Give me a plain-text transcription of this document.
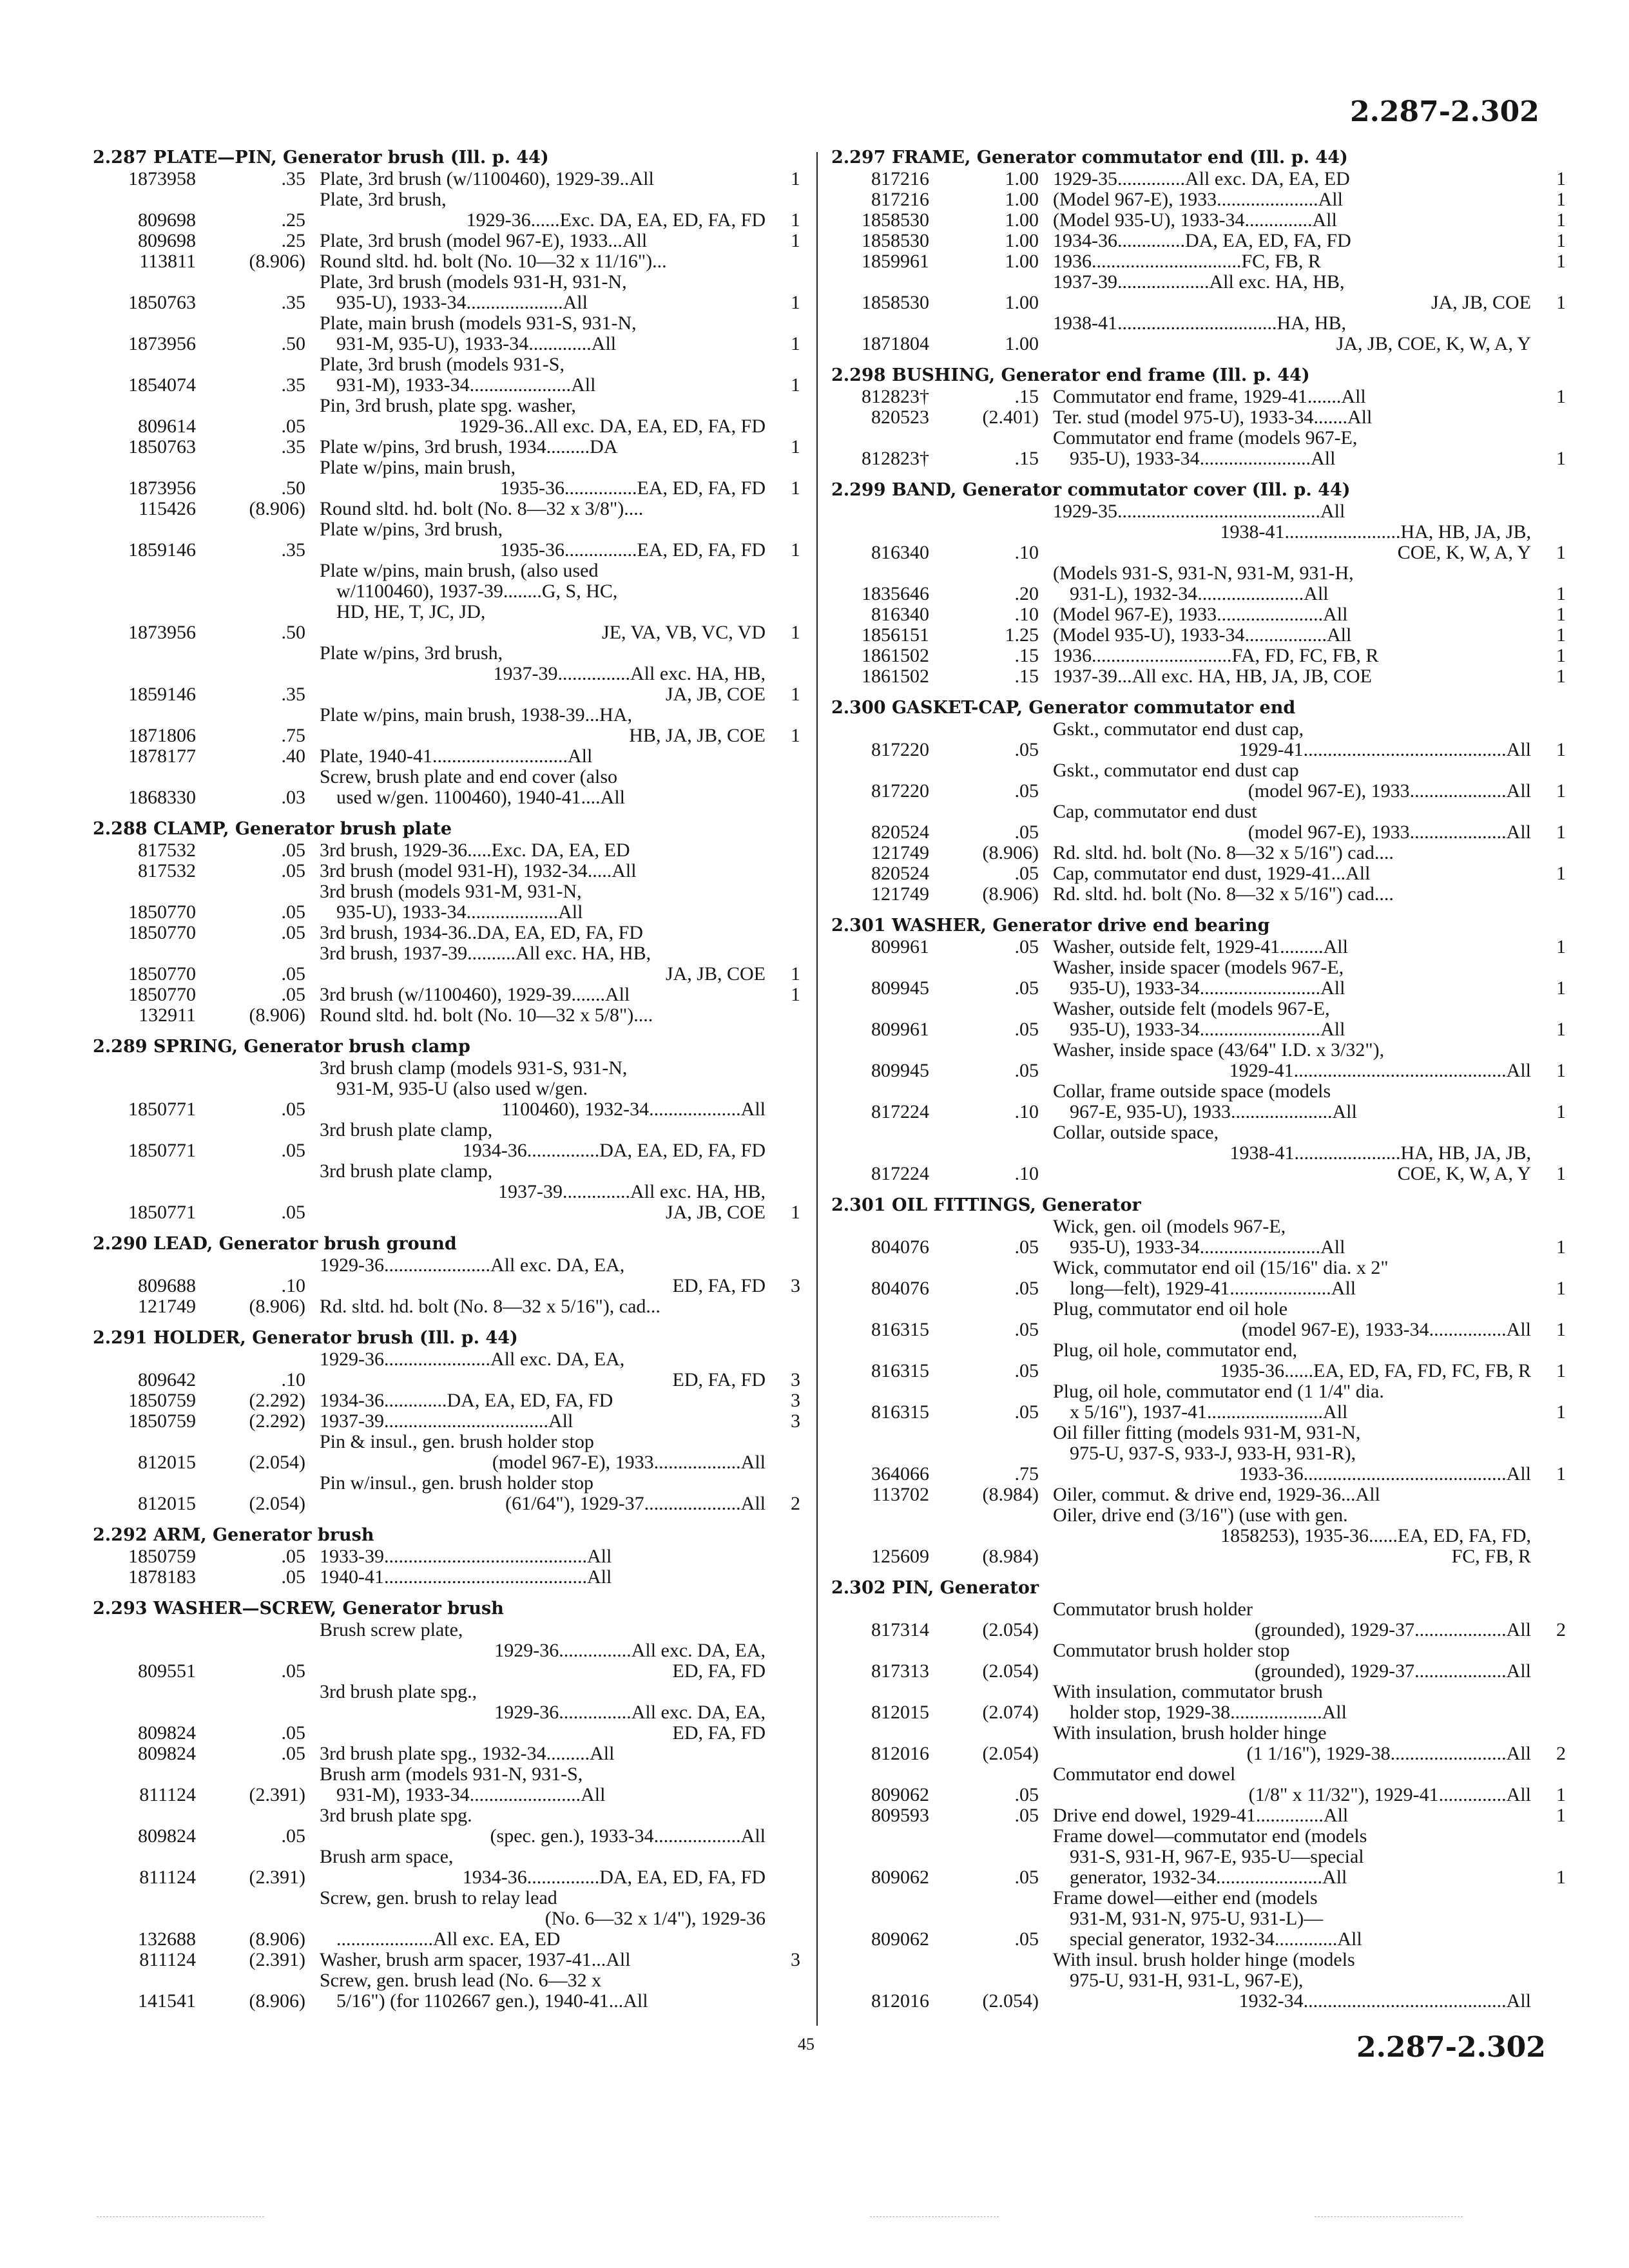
2.287-2.302
2.287 PLATE—PIN, Generator brush (Ill. p. 44)
1873958	.35 Plate, 3rd brush (w/1100460), 1929-39..All	1
809698	.25
Plate, 3rd brush,
1929-36......Exc. DA, EA, ED, FA, FD	1
809698	.25 Plate, 3rd brush (model 967-E), 1933...All	1
113811	(8.906) Round sltd. hd. bolt (No. 10—32 x 11/16")...
1850763	.35
Plate, 3rd brush (models 931-H, 931-N,
935-U), 1933-34....................All	1
1873956	.50
Plate, main brush (models 931-S, 931-N,
931-M, 935-U), 1933-34.............All	1
1854074	.35
Plate, 3rd brush (models 931-S,
931-M), 1933-34.....................All	1
809614	.05
Pin, 3rd brush, plate spg. washer,
1929-36..All exc. DA, EA, ED, FA, FD
1850763	.35 Plate w/pins, 3rd brush, 1934.........DA	1
1873956	.50
Plate w/pins, main brush,
1935-36...............EA, ED, FA, FD	1
115426	(8.906) Round sltd. hd. bolt (No. 8—32 x 3/8")....
1859146	.35
Plate w/pins, 3rd brush,
1935-36...............EA, ED, FA, FD	1
1873956	.50
Plate w/pins, main brush, (also used
w/1100460), 1937-39........G, S, HC,
HD, HE, T, JC, JD,
JE, VA, VB, VC, VD	1
1859146	.35
Plate w/pins, 3rd brush,
1937-39...............All exc. HA, HB,
JA, JB, COE	1
1871806	.75
Plate w/pins, main brush, 1938-39...HA,
HB, JA, JB, COE	1
1878177	.40 Plate, 1940-41............................All
1868330	.03
Screw, brush plate and end cover (also
used w/gen. 1100460), 1940-41....All
2.288 CLAMP, Generator brush plate
817532	.05 3rd brush, 1929-36.....Exc. DA, EA, ED
817532	.05 3rd brush (model 931-H), 1932-34.....All
1850770	.05
3rd brush (models 931-M, 931-N,
935-U), 1933-34...................All
1850770	.05 3rd brush, 1934-36..DA, EA, ED, FA, FD
1850770	.05
3rd brush, 1937-39..........All exc. HA, HB,
JA, JB, COE	1
1850770	.05 3rd brush (w/1100460), 1929-39.......All	1
132911	(8.906) Round sltd. hd. bolt (No. 10—32 x 5/8")....
2.289 SPRING, Generator brush clamp
1850771	.05
3rd brush clamp (models 931-S, 931-N,
931-M, 935-U (also used w/gen.
1100460), 1932-34...................All
1850771	.05
3rd brush plate clamp,
1934-36...............DA, EA, ED, FA, FD
1850771	.05
3rd brush plate clamp,
1937-39..............All exc. HA, HB,
JA, JB, COE	1
2.290 LEAD, Generator brush ground
809688	.10
1929-36......................All exc. DA, EA,
ED, FA, FD	3
121749	(8.906) Rd. sltd. hd. bolt (No. 8—32 x 5/16"), cad...
2.291 HOLDER, Generator brush (Ill. p. 44)
809642	.10
1929-36......................All exc. DA, EA,
ED, FA, FD	3
1850759	(2.292) 1934-36.............DA, EA, ED, FA, FD	3
1850759	(2.292) 1937-39..................................All	3
812015	(2.054)
Pin & insul., gen. brush holder stop
(model 967-E), 1933..................All
812015	(2.054)
Pin w/insul., gen. brush holder stop
(61/64"), 1929-37....................All	2
2.292 ARM, Generator brush
1850759	.05 1933-39..........................................All
1878183	.05 1940-41..........................................All
2.293 WASHER—SCREW, Generator brush
809551	.05
Brush screw plate,
1929-36...............All exc. DA, EA,
ED, FA, FD
809824	.05
3rd brush plate spg.,
1929-36...............All exc. DA, EA,
ED, FA, FD
809824	.05 3rd brush plate spg., 1932-34.........All
811124	(2.391)
Brush arm (models 931-N, 931-S,
931-M), 1933-34.......................All
809824	.05
3rd brush plate spg.
(spec. gen.), 1933-34..................All
811124	(2.391)
Brush arm space,
1934-36...............DA, EA, ED, FA, FD
132688	(8.906)
Screw, gen. brush to relay lead
(No. 6—32 x 1/4"), 1929-36
....................All exc. EA, ED
811124	(2.391) Washer, brush arm spacer, 1937-41...All	3
141541	(8.906)
Screw, gen. brush lead (No. 6—32 x
5/16") (for 1102667 gen.), 1940-41...All
2.297 FRAME, Generator commutator end (Ill. p. 44)
817216	1.00 1929-35..............All exc. DA, EA, ED	1
817216	1.00 (Model 967-E), 1933.....................All	1
1858530	1.00 (Model 935-U), 1933-34..............All	1
1858530	1.00 1934-36..............DA, EA, ED, FA, FD	1
1859961	1.00 1936...............................FC, FB, R	1
1858530	1.00
1937-39...................All exc. HA, HB,
JA, JB, COE	1
1871804	1.00
1938-41.................................HA, HB,
JA, JB, COE, K, W, A, Y
2.298 BUSHING, Generator end frame (Ill. p. 44)
812823†	.15 Commutator end frame, 1929-41.......All	1
820523	(2.401) Ter. stud (model 975-U), 1933-34.......All
812823†	.15
Commutator end frame (models 967-E,
935-U), 1933-34.......................All	1
2.299 BAND, Generator commutator cover (Ill. p. 44)
816340	.10
1929-35..........................................All
1938-41........................HA, HB, JA, JB,
COE, K, W, A, Y	1
1835646	.20
(Models 931-S, 931-N, 931-M, 931-H,
931-L), 1932-34......................All	1
816340	.10 (Model 967-E), 1933......................All	1
1856151	1.25 (Model 935-U), 1933-34.................All	1
1861502	.15 1936.............................FA, FD, FC, FB, R	1
1861502	.15 1937-39...All exc. HA, HB, JA, JB, COE	1
2.300 GASKET-CAP, Generator commutator end
817220	.05
Gskt., commutator end dust cap,
1929-41..........................................All	1
817220	.05
Gskt., commutator end dust cap
(model 967-E), 1933....................All	1
820524	.05
Cap, commutator end dust
(model 967-E), 1933....................All	1
121749	(8.906) Rd. sltd. hd. bolt (No. 8—32 x 5/16") cad....
820524	.05 Cap, commutator end dust, 1929-41...All	1
121749	(8.906) Rd. sltd. hd. bolt (No. 8—32 x 5/16") cad....
2.301 WASHER, Generator drive end bearing
809961	.05 Washer, outside felt, 1929-41.........All	1
809945	.05
Washer, inside spacer (models 967-E,
935-U), 1933-34.........................All	1
809961	.05
Washer, outside felt (models 967-E,
935-U), 1933-34.........................All	1
809945	.05
Washer, inside space (43/64" I.D. x 3/32"),
1929-41............................................All	1
817224	.10
Collar, frame outside space (models
967-E, 935-U), 1933.....................All	1
817224	.10
Collar, outside space,
1938-41......................HA, HB, JA, JB,
COE, K, W, A, Y	1
2.301 OIL FITTINGS, Generator
804076	.05
Wick, gen. oil (models 967-E,
935-U), 1933-34.........................All	1
804076	.05
Wick, commutator end oil (15/16" dia. x 2"
long—felt), 1929-41.....................All	1
816315	.05
Plug, commutator end oil hole
(model 967-E), 1933-34................All	1
816315	.05
Plug, oil hole, commutator end,
1935-36......EA, ED, FA, FD, FC, FB, R	1
816315	.05
Plug, oil hole, commutator end (1 1/4" dia.
x 5/16"), 1937-41........................All	1
364066	.75
Oil filler fitting (models 931-M, 931-N,
975-U, 937-S, 933-J, 933-H, 931-R),
1933-36..........................................All	1
113702	(8.984) Oiler, commut. & drive end, 1929-36...All
125609	(8.984)
Oiler, drive end (3/16") (use with gen.
1858253), 1935-36......EA, ED, FA, FD,
FC, FB, R
2.302 PIN, Generator
817314	(2.054)
Commutator brush holder
(grounded), 1929-37...................All	2
817313	(2.054)
Commutator brush holder stop
(grounded), 1929-37...................All
812015	(2.074)
With insulation, commutator brush
holder stop, 1929-38...................All
812016	(2.054)
With insulation, brush holder hinge
(1 1/16"), 1929-38........................All	2
809062	.05
Commutator end dowel
(1/8" x 11/32"), 1929-41..............All	1
809593	.05 Drive end dowel, 1929-41..............All	1
809062	.05
Frame dowel—commutator end (models
931-S, 931-H, 967-E, 935-U—special
generator, 1932-34......................All	1
809062	.05
Frame dowel—either end (models
931-M, 931-N, 975-U, 931-L)—
special generator, 1932-34.............All
812016	(2.054)
With insul. brush holder hinge (models
975-U, 931-H, 931-L, 967-E),
1932-34..........................................All
45	2.287-2.302
